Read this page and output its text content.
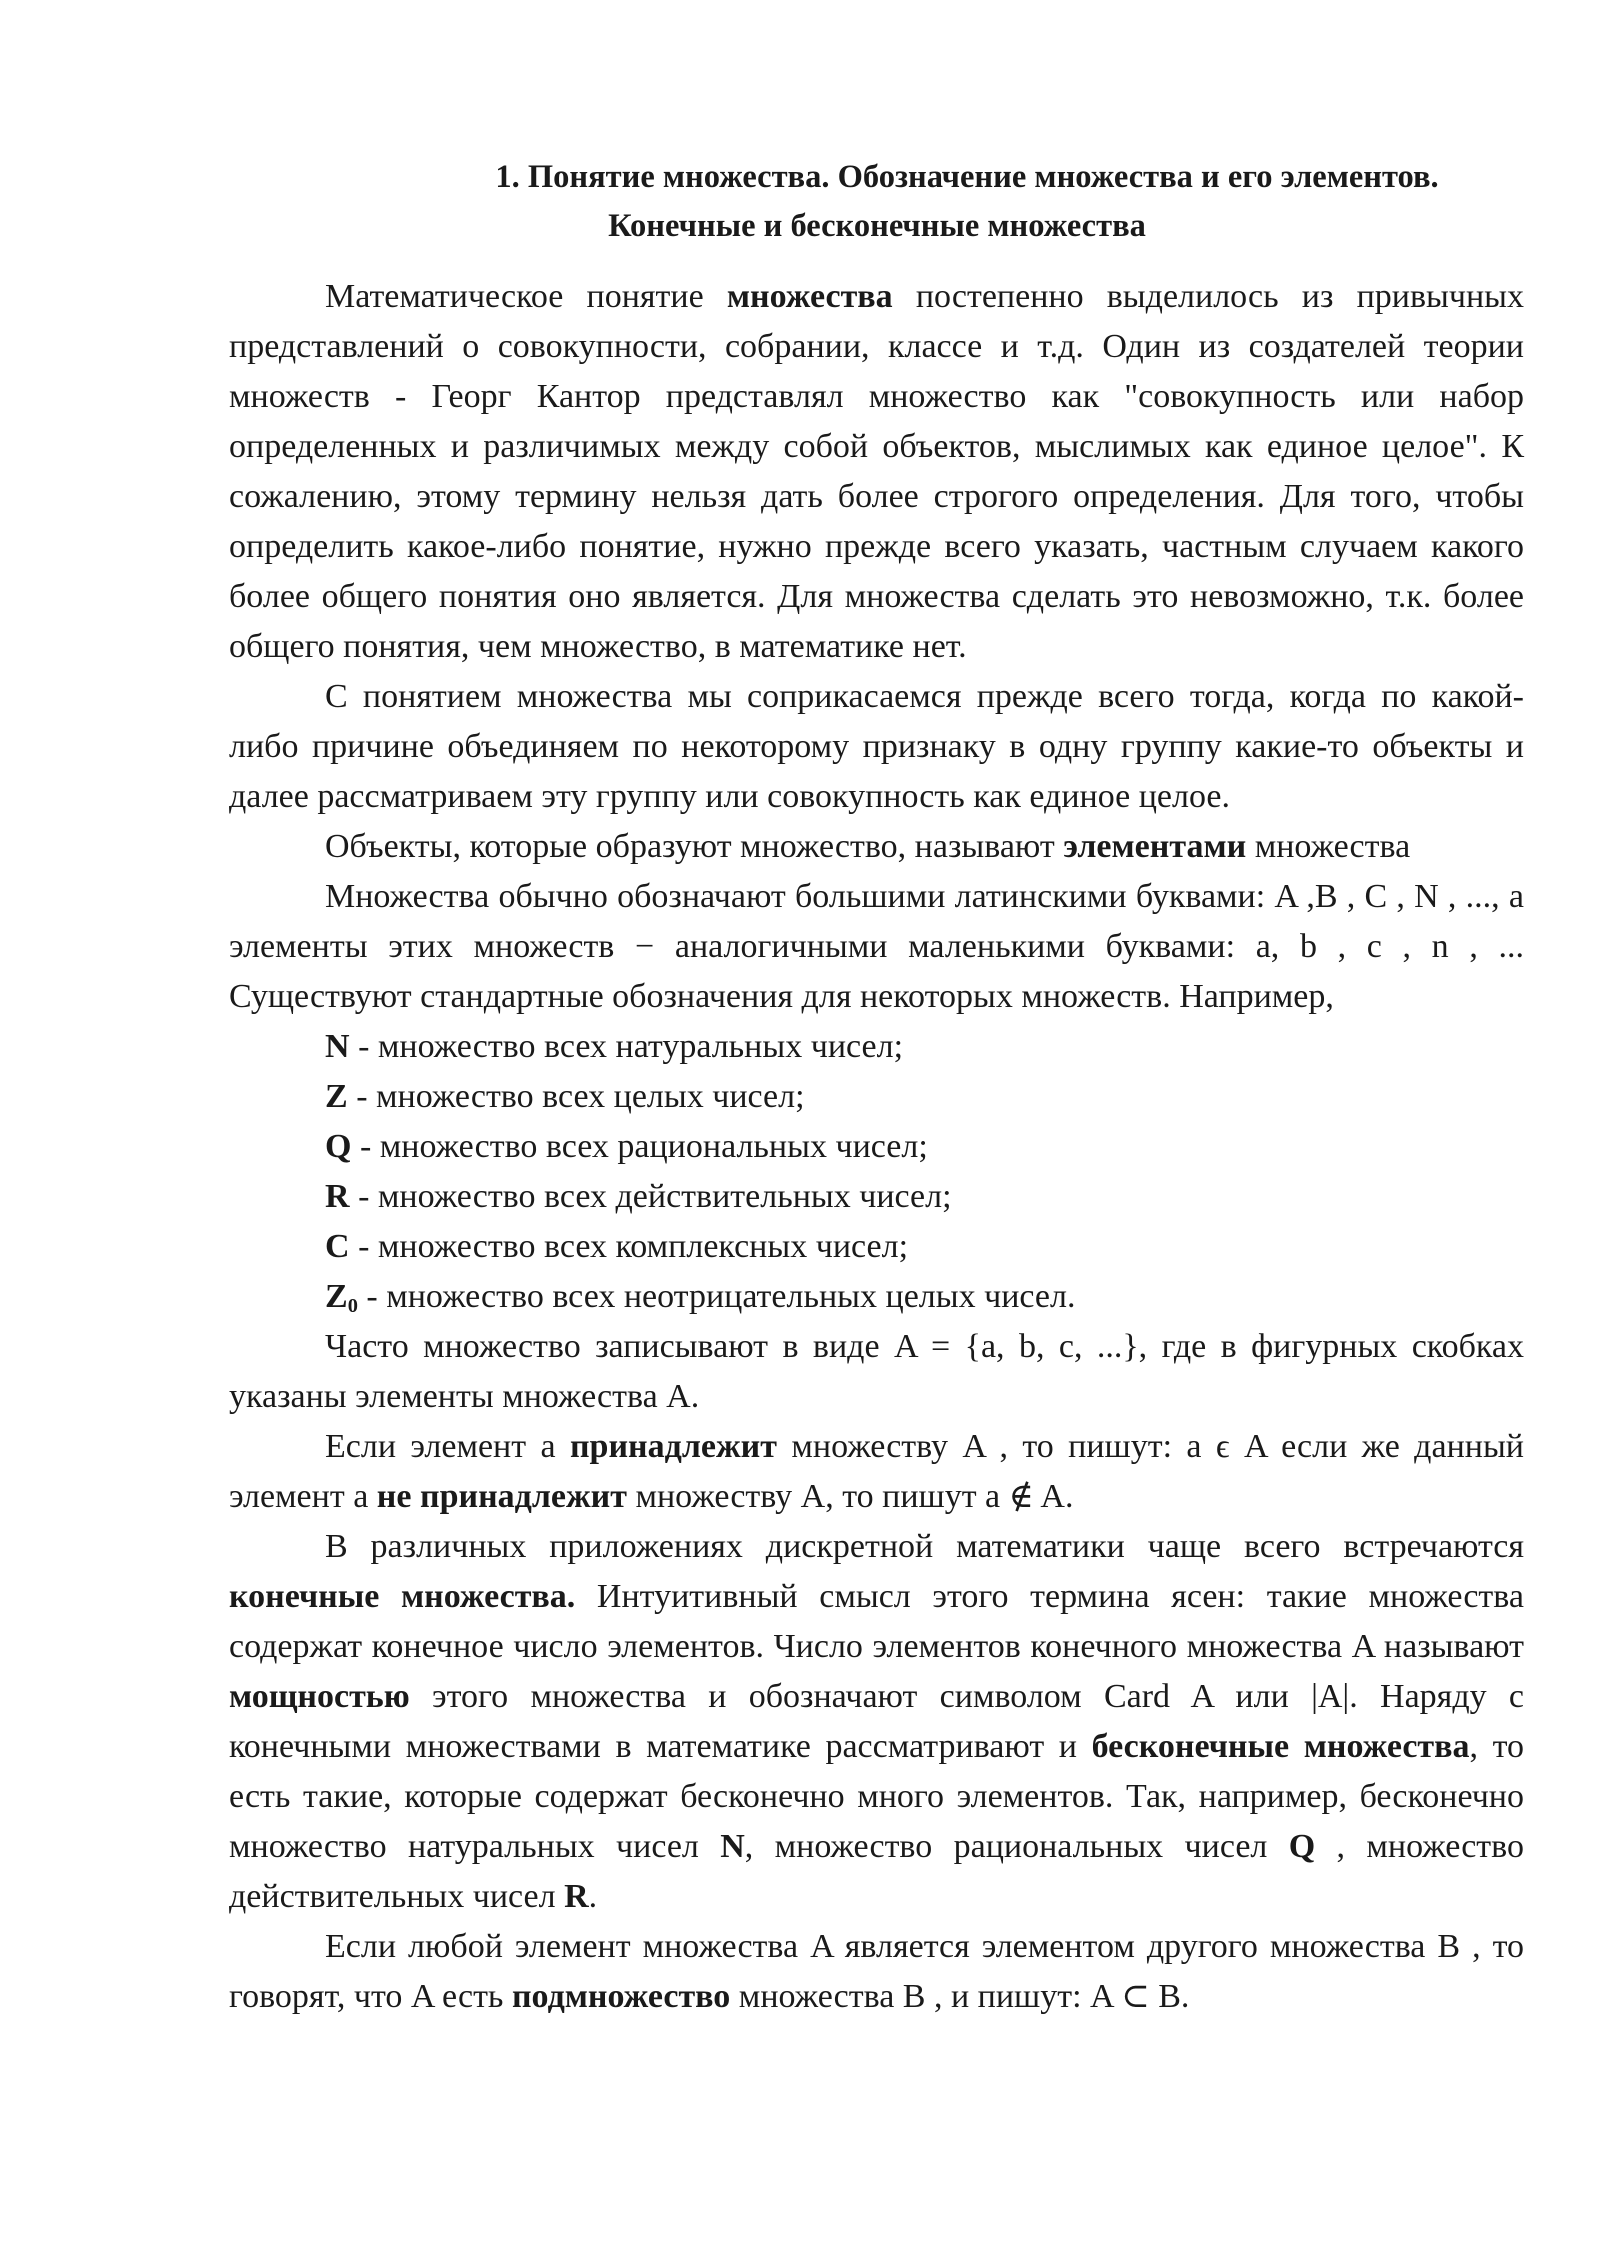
1. Понятие множества. Обозначение множества и его элементов.
Конечные и бесконечные множества

Математическое понятие множества постепенно выделилось из привычных представлений о совокупности, собрании, классе и т.д. Один из создателей теории множеств - Георг Кантор представлял множество как "совокупность или набор определенных и различимых между собой объектов, мыслимых как единое целое". К сожалению, этому термину нельзя дать более строгого определения. Для того, чтобы определить какое-либо понятие, нужно прежде всего указать, частным случаем какого более общего понятия оно является. Для множества сделать это невозможно, т.к. более общего понятия, чем множество, в математике нет.

С понятием множества мы соприкасаемся прежде всего тогда, когда по какой-либо причине объединяем по некоторому признаку в одну группу какие-то объекты и далее рассматриваем эту группу или совокупность как единое целое.

Объекты, которые образуют множество, называют элементами множества

Множества обычно обозначают большими латинскими буквами: A ,B , C , N , ..., а элементы этих множеств − аналогичными маленькими буквами: a, b , c , n , ... Существуют стандартные обозначения для некоторых множеств. Например,

N - множество всех натуральных чисел;

Z - множество всех целых чисел;

Q - множество всех рациональных чисел;

R - множество всех действительных чисел;

C - множество всех комплексных чисел;

$Z_0$ - множество всех неотрицательных целых чисел.

Часто множество записывают в виде A = {a, b, c, ...}, где в фигурных скобках указаны элементы множества A.

Если элемент a принадлежит множеству A , то пишут: a ϵ A если же данный элемент a не принадлежит множеству A, то пишут a ∉ A.

В различных приложениях дискретной математики чаще всего встречаются конечные множества. Интуитивный смысл этого термина ясен: такие множества содержат конечное число элементов. Число элементов конечного множества A называют мощностью этого множества и обозначают символом Card A или |A|. Наряду с конечными множествами в математике рассматривают и бесконечные множества, то есть такие, которые содержат бесконечно много элементов. Так, например, бесконечно множество натуральных чисел N, множество рациональных чисел Q , множество действительных чисел R.

Если любой элемент множества A является элементом другого множества B , то говорят, что A есть подмножество множества B , и пишут: A ⊂ B.
